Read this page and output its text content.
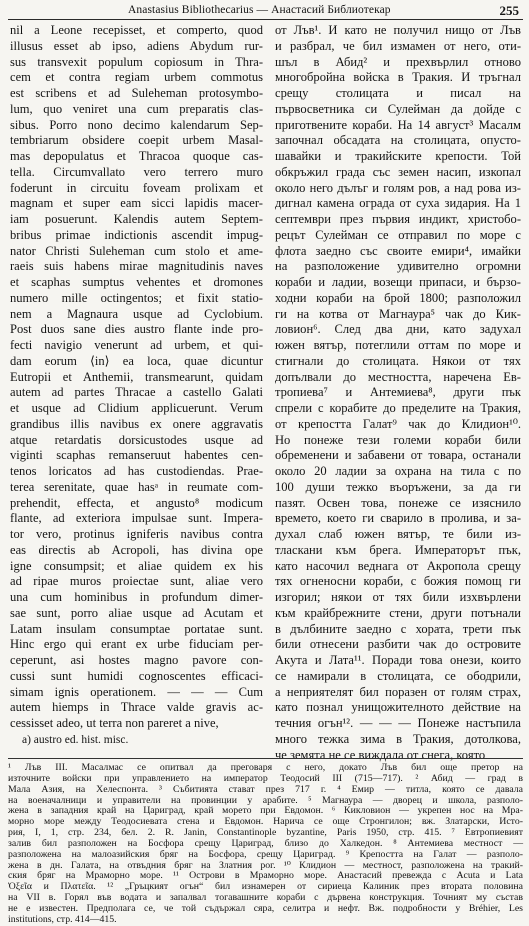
Anastasius Bibliothecarius — Анастасий Библиотекар	255
nil a Leone recepisset, et comperto, quod
illusus esset ab ipso, adiens Abydum rur-
sus transvexit populum copiosum in Thra-
cem et contra regiam urbem commotus
est scribens et ad Suleheman protosymbo-
lum, quo veniret una cum preparatis clas-
sibus. Porro nono decimo kalendarum Sep-
tembriarum obsidere coepit urbem Masal-
mas depopulatus et Thracoa quoque cas-
tella. Circumvallato vero terrero muro
foderunt in circuitu foveam prolixam et
magnam et super eam sicci lapidis macer-
iam posuerunt. Kalendis autem Septem-
bribus primae indictionis ascendit impug-
nator Christi Suleheman cum stolo et ame-
raeis suis habens mirae magnitudinis naves
et scaphas sumptus vehentes et dromones
numero mille octingentos; et fixit statio-
nem a Magnaura usque ad Cyclobium.
Post duos sane dies austro flante inde pro-
fecti navigio venerunt ad urbem, et qui-
dam eorum ⟨in⟩ ea loca, quae dicuntur
Eutropii et Anthemii, transmearunt, quidam
autem ad partes Thracae a castello Galati
et usque ad Clidium applicuerunt. Verum
grandibus illis navibus ex onere aggravatis
atque retardatis dorsicustodes usque ad
viginti scaphas remanseruut habentes cen-
tenos loricatos ad has custodiendas. Prae-
terea serenitate, quae hasᵃ in reumate com-
prehendit, effecta, et angusto⁸ modicum
flante, ad exteriora impulsae sunt. Impera-
tor vero, protinus igniferis navibus contra
eas directis ab Acropoli, has divina ope
igne consumpsit; et aliae quidem ex his
ad ripae muros proiectae sunt, aliae vero
una cum hominibus in profundum dimer-
sae sunt, porro aliae usque ad Acutam et
Latam insulam consumptae portatae sunt.
Hinc ergo qui erant ex urbe fiduciam per-
ceperunt, asi hostes magno pavore con-
cussi sunt humidi cognoscentes efficaci-
simam ignis operationem. — — — Cum
autem hiemps in Thrace valde gravis ac-
cessisset adeo, ut terra non pareret a nive,
от Лъв¹. И като не получил нищо от Лъв
и разбрал, че бил измамен от него, оти-
шъл в Абид² и прехвърлил отново
многобройна войска в Тракия. И тръгнал
срещу столицата и писал на
първосветника си Сулейман да дойде с
приготвените кораби. На 14 август³ Масалм
започнал обсадата на столицата, опусто-
шавайки и тракийските крепости. Той
обкръжил града със земен насип, изкопал
около него дълъг и голям ров, а над рова из-
дигнал камена ограда от суха зидария. На 1
септември през първия индикт, христобо-
рецът Сулейман се отправил по море с
флота заедно със своите емири⁴, имайки
на разположение удивително огромни
кораби и ладии, возещи припаси, и бързо-
ходни кораби на брой 1800; разположил
ги на котва от Магнаура⁵ чак до Кик-
ловион⁶. След два дни, като задухал
южен вятър, потеглили оттам по море и
стигнали до столицата. Някои от тях
допълвали до местността, наречена Ев-
тропиева⁷ и Антемиева⁸, други пък
спрели с корабите до пределите на Тракия,
от крепостта Галат⁹ чак до Клидион¹⁰.
Но понеже тези големи кораби били
обременени и забавени от товара, останали
около 20 ладии за охрана на тила с по
100 души тежко въоръжени, за да ги
пазят. Освен това, понеже се изяснило
времето, което ги сварило в пролива, и за-
духал слаб южен вятър, те били из-
тласкани към брега. Императорът пък,
като насочил веднага от Акропола срещу
тях огненосни кораби, с божия помощ ги
изгорил; някои от тях били изхвърлени
към крайбрежните стени, други потънали
в дълбините заедно с хората, трети пък
били отнесени разбити чак до островите
Акута и Лата¹¹. Поради това онези, които
се намирали в столицата, се ободрили,
а неприятелят бил поразен от голям страх,
като познал унищожителното действие на
течния огън¹². — — — Понеже настъпила
много тежка зима в Тракия, дотолкова,
че земята не се виждала от снега, която
a) austro ed. hist. misc.
¹ Лъв III. Масалмас се опитвал да преговаря с него, докато Лъв бил още претор на
източните войски при управлението на император Теодосий III (715—717). ² Абид — град в
Мала Азия, на Хелеспонта. ³ Събитията стават през 717 г. ⁴ Емир — титла, която се давала
на военачалници и управители на провинции у арабите. ⁵ Магнаура — дворец и школа, разполо-
жена в западния край на Цариград, край морето при Евдомон. ⁶ Кикловион — укрепен нос на Мра-
морно море между Теодосиевата стена и Евдомон. Нарича се още Стронгилон; вж. Златарски, Исто-
рия, I, 1, стр. 234, бел. 2. R. Janin, Constantinople byzantine, Paris 1950, стр. 415. ⁷ Евтропиевият
залив бил разположен на Босфора срещу Цариград, близо до Халкедон. ⁸ Антемиева местност —
разположена на малоазийския бряг на Босфора, срещу Цариград. ⁹ Крепостта на Галат — разполо-
жена в дн. Галата, на отвъдния бряг на Златния рог. ¹⁰ Клидион — местност, разположена на тракий-
ския бряг на Мраморно море. ¹¹ Острови в Мраморно море. Анастасий превежда с Acuta и Lata
Ὀξεῖα и Πλατεῖα. ¹² „Гръцкият огън“ бил изнамерен от сириеца Калиник през втората половина
на VII в. Горял във водата и запалвал тогавашните кораби с дървена конструкция. Точният му състав
не е известен. Предполага се, че той съдържал сяра, селитра и нефт. Вж. подробности у Bréhier, Les
institutions, стр. 414—415.
